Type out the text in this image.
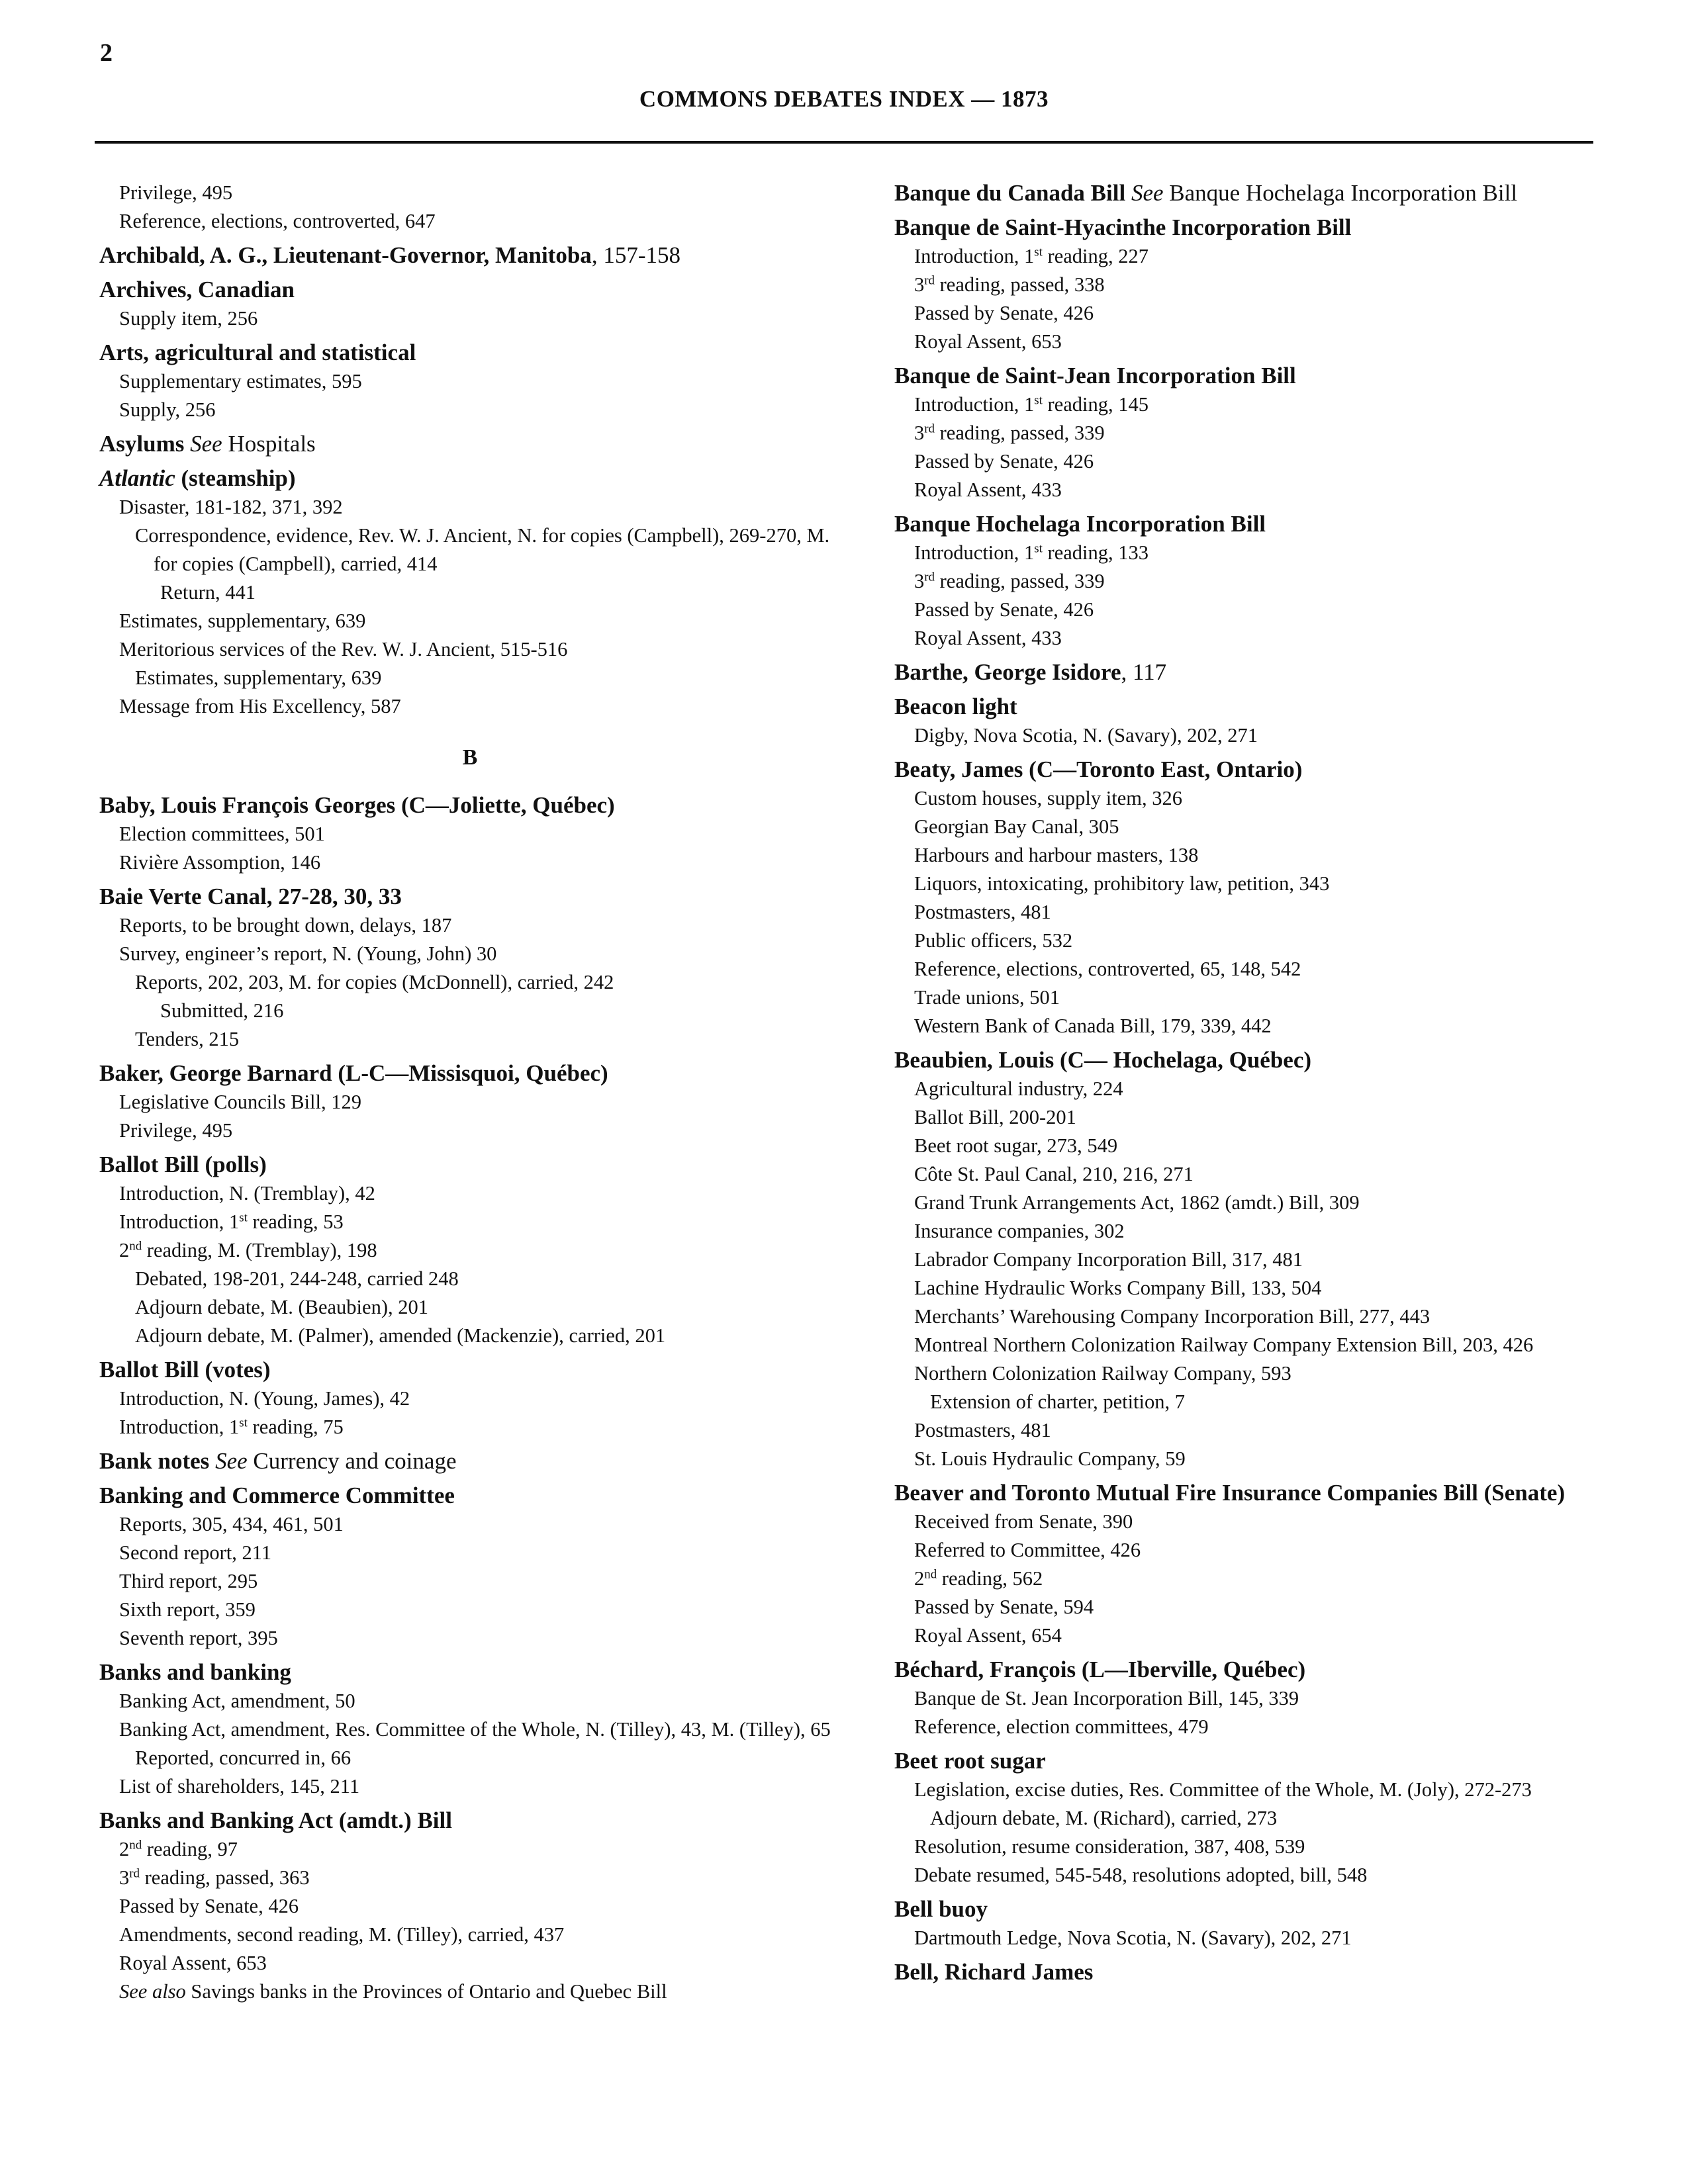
2
COMMONS DEBATES INDEX — 1873
Privilege, 495
Reference, elections, controverted, 647
Archibald, A. G., Lieutenant-Governor, Manitoba, 157-158
Archives, Canadian
Supply item, 256
Arts, agricultural and statistical
Supplementary estimates, 595
Supply, 256
Asylums See Hospitals
Atlantic (steamship)
Disaster, 181-182, 371, 392
Correspondence, evidence, Rev. W. J. Ancient, N. for copies (Campbell), 269-270, M. for copies (Campbell), carried, 414
Return, 441
Estimates, supplementary, 639
Meritorious services of the Rev. W. J. Ancient, 515-516
Estimates, supplementary, 639
Message from His Excellency, 587
B
Baby, Louis François Georges (C—Joliette, Québec)
Election committees, 501
Rivière Assomption, 146
Baie Verte Canal, 27-28, 30, 33
Reports, to be brought down, delays, 187
Survey, engineer’s report, N. (Young, John) 30
Reports, 202, 203, M. for copies (McDonnell), carried, 242
Submitted, 216
Tenders, 215
Baker, George Barnard (L-C—Missisquoi, Québec)
Legislative Councils Bill, 129
Privilege, 495
Ballot Bill (polls)
Introduction, N. (Tremblay), 42
Introduction, 1st reading, 53
2nd reading, M. (Tremblay), 198
Debated, 198-201, 244-248, carried 248
Adjourn debate, M. (Beaubien), 201
Adjourn debate, M. (Palmer), amended (Mackenzie), carried, 201
Ballot Bill (votes)
Introduction, N. (Young, James), 42
Introduction, 1st reading, 75
Bank notes See Currency and coinage
Banking and Commerce Committee
Reports, 305, 434, 461, 501
Second report, 211
Third report, 295
Sixth report, 359
Seventh report, 395
Banks and banking
Banking Act, amendment, 50
Banking Act, amendment, Res. Committee of the Whole, N. (Tilley), 43, M. (Tilley), 65
Reported, concurred in, 66
List of shareholders, 145, 211
Banks and Banking Act (amdt.) Bill
2nd reading, 97
3rd reading, passed, 363
Passed by Senate, 426
Amendments, second reading, M. (Tilley), carried, 437
Royal Assent, 653
See also Savings banks in the Provinces of Ontario and Quebec Bill
Banque du Canada Bill See Banque Hochelaga Incorporation Bill
Banque de Saint-Hyacinthe Incorporation Bill
Introduction, 1st reading, 227
3rd reading, passed, 338
Passed by Senate, 426
Royal Assent, 653
Banque de Saint-Jean Incorporation Bill
Introduction, 1st reading, 145
3rd reading, passed, 339
Passed by Senate, 426
Royal Assent, 433
Banque Hochelaga Incorporation Bill
Introduction, 1st reading, 133
3rd reading, passed, 339
Passed by Senate, 426
Royal Assent, 433
Barthe, George Isidore, 117
Beacon light
Digby, Nova Scotia, N. (Savary), 202, 271
Beaty, James (C—Toronto East, Ontario)
Custom houses, supply item, 326
Georgian Bay Canal, 305
Harbours and harbour masters, 138
Liquors, intoxicating, prohibitory law, petition, 343
Postmasters, 481
Public officers, 532
Reference, elections, controverted, 65, 148, 542
Trade unions, 501
Western Bank of Canada Bill, 179, 339, 442
Beaubien, Louis (C— Hochelaga, Québec)
Agricultural industry, 224
Ballot Bill, 200-201
Beet root sugar, 273, 549
Côte St. Paul Canal, 210, 216, 271
Grand Trunk Arrangements Act, 1862 (amdt.) Bill, 309
Insurance companies, 302
Labrador Company Incorporation Bill, 317, 481
Lachine Hydraulic Works Company Bill, 133, 504
Merchants’ Warehousing Company Incorporation Bill, 277, 443
Montreal Northern Colonization Railway Company Extension Bill, 203, 426
Northern Colonization Railway Company, 593
Extension of charter, petition, 7
Postmasters, 481
St. Louis Hydraulic Company, 59
Beaver and Toronto Mutual Fire Insurance Companies Bill (Senate)
Received from Senate, 390
Referred to Committee, 426
2nd reading, 562
Passed by Senate, 594
Royal Assent, 654
Béchard, François (L—Iberville, Québec)
Banque de St. Jean Incorporation Bill, 145, 339
Reference, election committees, 479
Beet root sugar
Legislation, excise duties, Res. Committee of the Whole, M. (Joly), 272-273
Adjourn debate, M. (Richard), carried, 273
Resolution, resume consideration, 387, 408, 539
Debate resumed, 545-548, resolutions adopted, bill, 548
Bell buoy
Dartmouth Ledge, Nova Scotia, N. (Savary), 202, 271
Bell, Richard James
